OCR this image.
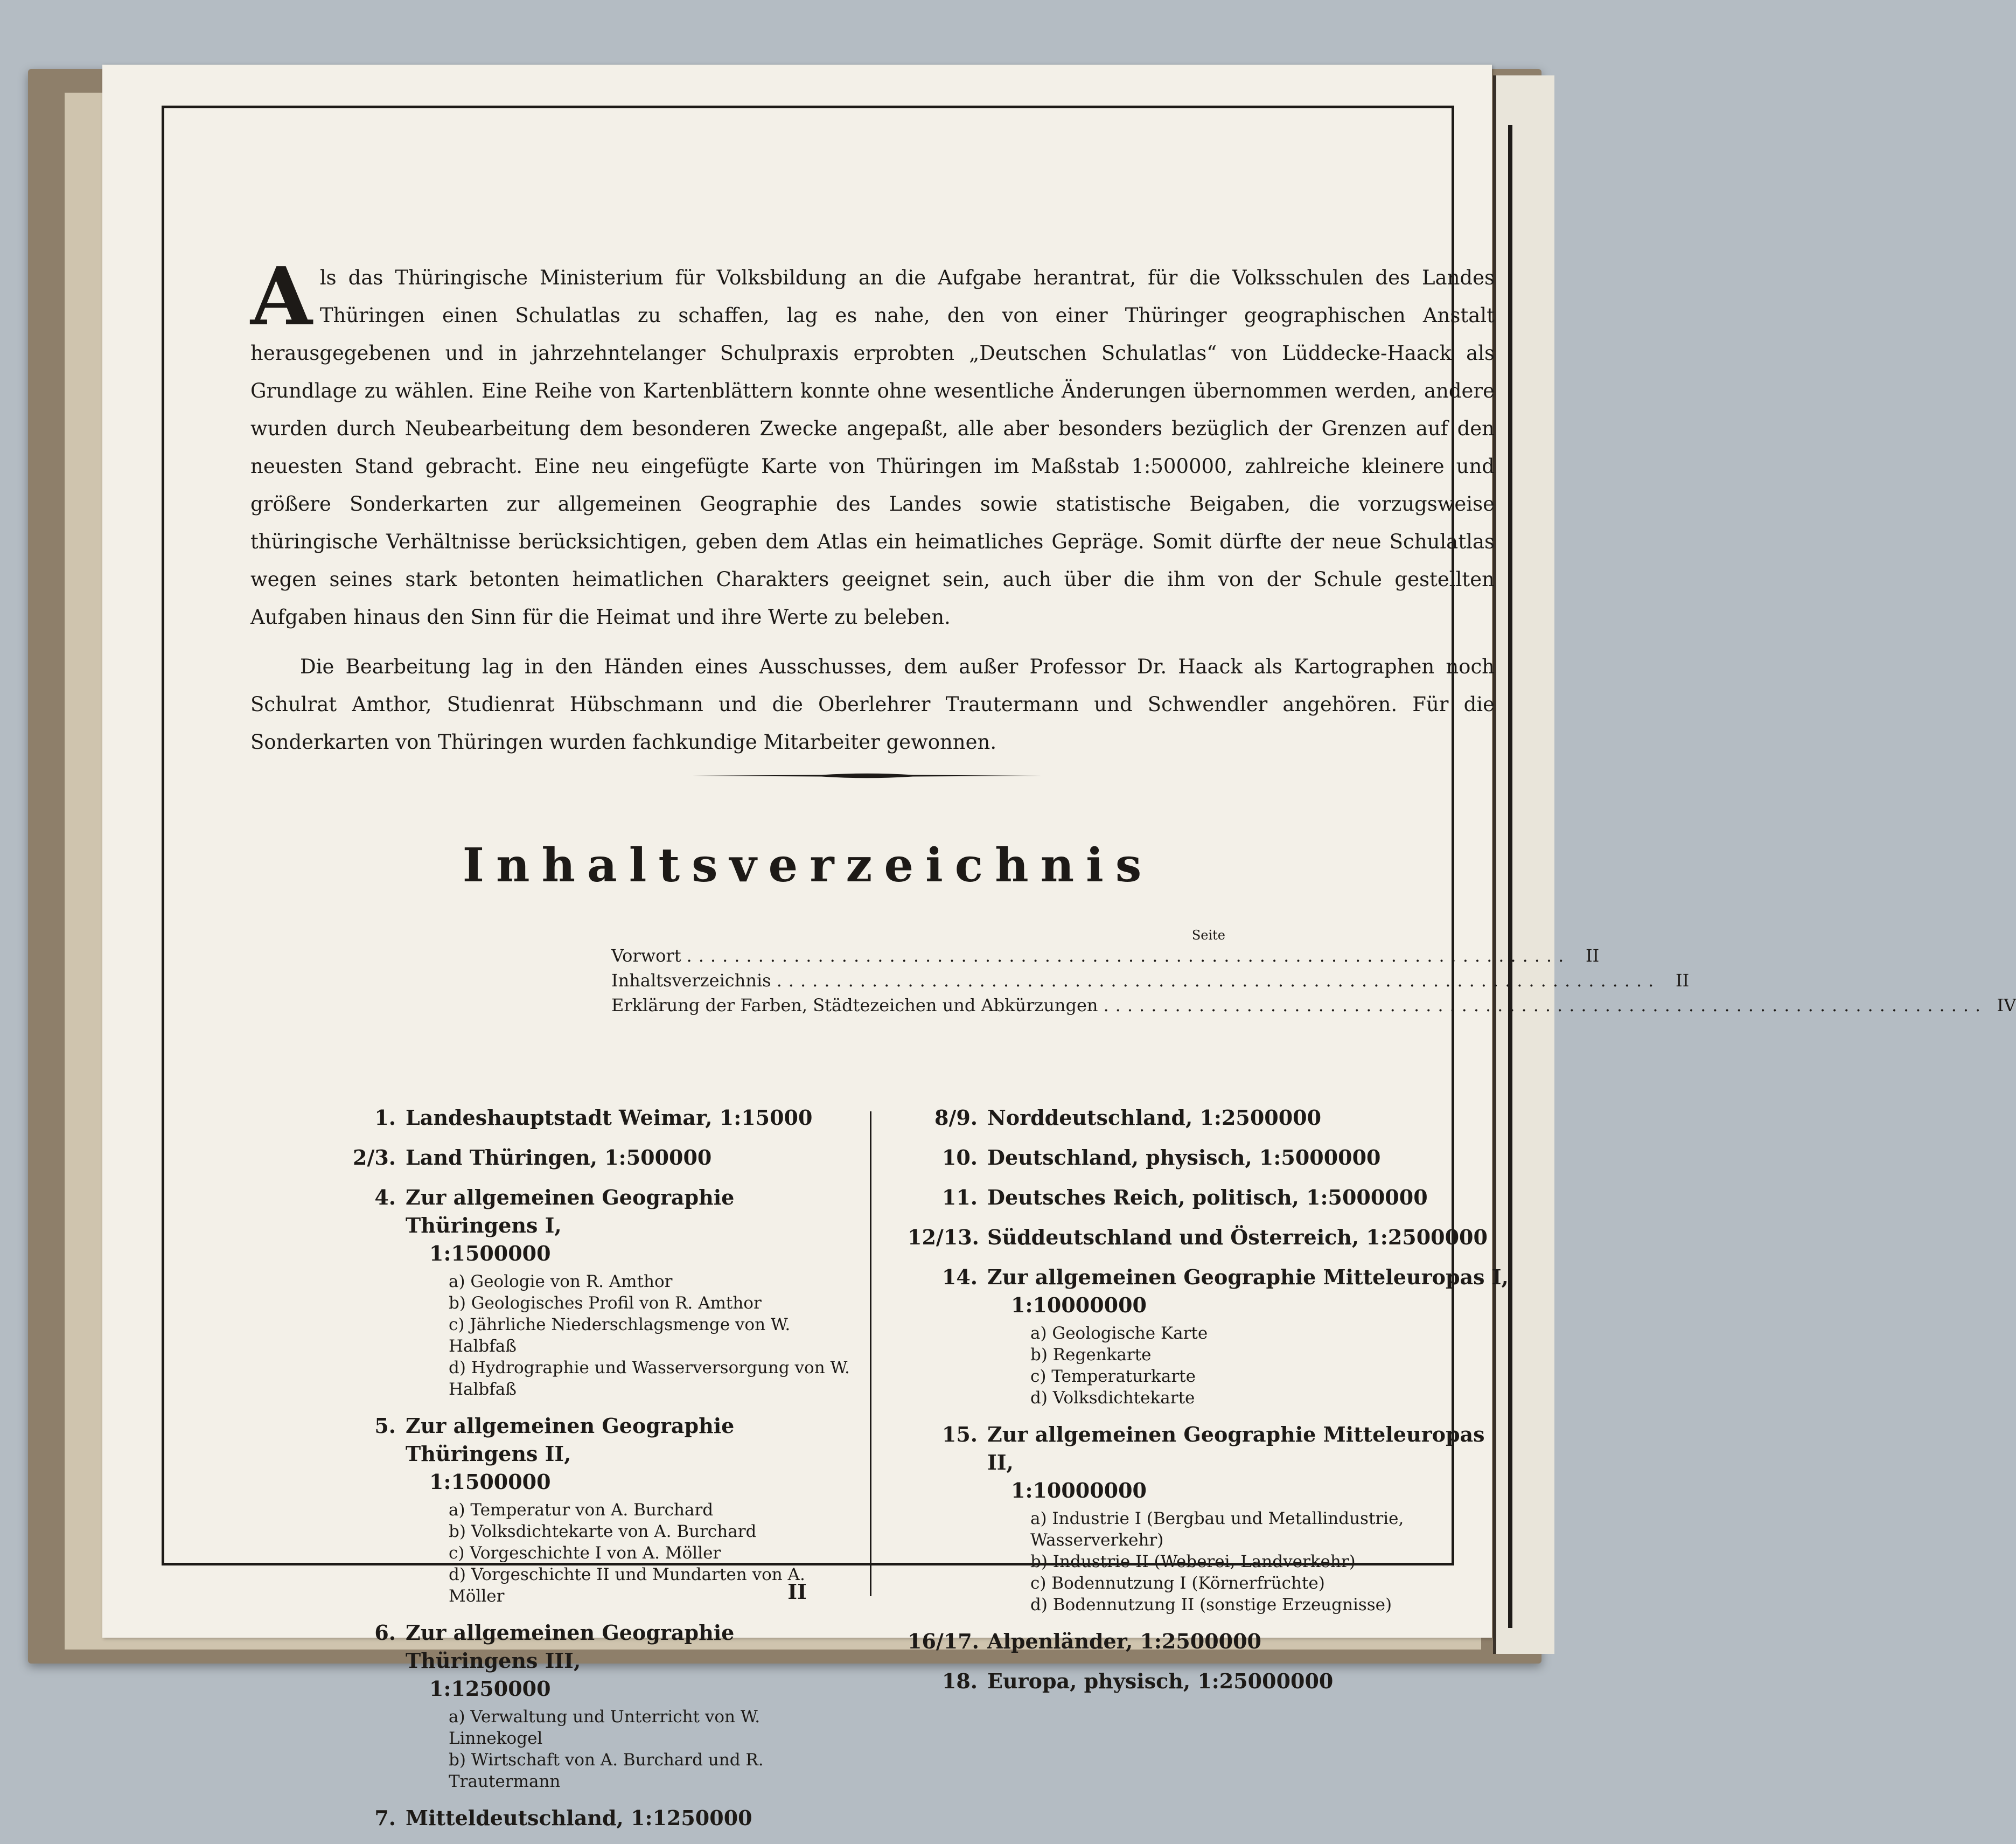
Als das Thüringische Ministerium für Volksbildung an die Aufgabe herantrat, für die Volksschulen des Landes Thüringen einen Schulatlas zu schaffen, lag es nahe, den von einer Thüringer geographischen Anstalt herausgegebenen und in jahrzehntelanger Schulpraxis erprobten „Deutschen Schulatlas“ von Lüddecke-Haack als Grundlage zu wählen. Eine Reihe von Kartenblättern konnte ohne wesentliche Änderungen übernommen werden, andere wurden durch Neubearbeitung dem besonderen Zwecke angepaßt, alle aber besonders bezüglich der Grenzen auf den neuesten Stand gebracht. Eine neu eingefügte Karte von Thüringen im Maßstab 1:500000, zahlreiche kleinere und größere Sonderkarten zur allgemeinen Geographie des Landes sowie statistische Beigaben, die vorzugsweise thüringische Verhältnisse berücksichtigen, geben dem Atlas ein heimatliches Gepräge. Somit dürfte der neue Schulatlas wegen seines stark betonten heimatlichen Charakters geeignet sein, auch über die ihm von der Schule gestellten Aufgaben hinaus den Sinn für die Heimat und ihre Werte zu beleben.

Die Bearbeitung lag in den Händen eines Ausschusses, dem außer Professor Dr. Haack als Kartographen noch Schulrat Amthor, Studienrat Hübschmann und die Oberlehrer Trautermann und Schwendler angehören. Für die Sonderkarten von Thüringen wurden fachkundige Mitarbeiter gewonnen.

Inhaltsverzeichnis
Seite
Vorwort .......................................................................... II
Inhaltsverzeichnis .......................................................................... II
Erklärung der Farben, Städtezeichen und Abkürzungen .......................................................................... IV
1. Landeshauptstadt Weimar, 1:15000
2/3. Land Thüringen, 1:500000
4. Zur allgemeinen Geographie Thüringens I,
1:1500000
a) Geologie von R. Amthor
b) Geologisches Profil von R. Amthor
c) Jährliche Niederschlagsmenge von W. Halbfaß
d) Hydrographie und Wasserversorgung von W. Halbfaß
5. Zur allgemeinen Geographie Thüringens II,
1:1500000
a) Temperatur von A. Burchard
b) Volksdichtekarte von A. Burchard
c) Vorgeschichte I von A. Möller
d) Vorgeschichte II und Mundarten von A. Möller
6. Zur allgemeinen Geographie Thüringens III,
1:1250000
a) Verwaltung und Unterricht von W. Linnekogel
b) Wirtschaft von A. Burchard und R. Trautermann
7. Mitteldeutschland, 1:1250000
8/9. Norddeutschland, 1:2500000
10. Deutschland, physisch, 1:5000000
11. Deutsches Reich, politisch, 1:5000000
12/13. Süddeutschland und Österreich, 1:2500000
14. Zur allgemeinen Geographie Mitteleuropas I,
1:10000000
a) Geologische Karte
b) Regenkarte
c) Temperaturkarte
d) Volksdichtekarte
15. Zur allgemeinen Geographie Mitteleuropas II,
1:10000000
a) Industrie I (Bergbau und Metallindustrie, Wasserverkehr)
b) Industrie II (Weberei, Landverkehr)
c) Bodennutzung I (Körnerfrüchte)
d) Bodennutzung II (sonstige Erzeugnisse)
16/17. Alpenländer, 1:2500000
18. Europa, physisch, 1:25000000
II
